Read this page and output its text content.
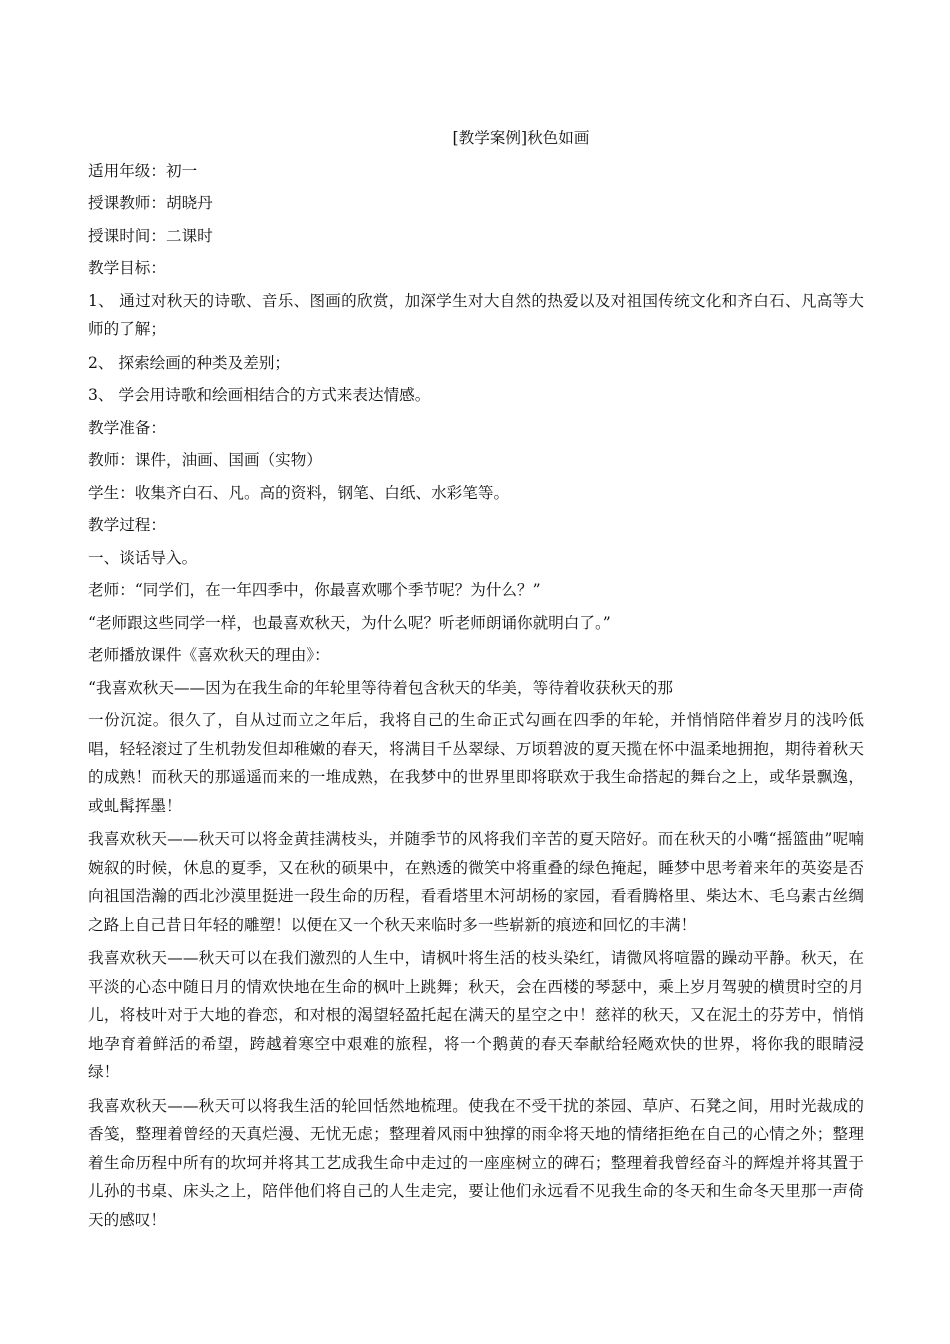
[教学案例]秋色如画

适用年级：初一

授课教师：胡晓丹

授课时间：二课时

教学目标：

1、 通过对秋天的诗歌、音乐、图画的欣赏，加深学生对大自然的热爱以及对祖国传统文化和齐白石、凡高等大师的了解；

2、 探索绘画的种类及差别；

3、 学会用诗歌和绘画相结合的方式来表达情感。

教学准备：

教师：课件，油画、国画（实物）

学生：收集齐白石、凡。高的资料，钢笔、白纸、水彩笔等。

教学过程：

一、谈话导入。

老师：“同学们，在一年四季中，你最喜欢哪个季节呢？为什么？”

“老师跟这些同学一样，也最喜欢秋天，为什么呢？听老师朗诵你就明白了。”

老师播放课件《喜欢秋天的理由》：

“我喜欢秋天——因为在我生命的年轮里等待着包含秋天的华美，等待着收获秋天的那

一份沉淀。很久了，自从过而立之年后，我将自己的生命正式勾画在四季的年轮，并悄悄陪伴着岁月的浅吟低唱，轻轻滚过了生机勃发但却稚嫩的春天，将满目千丛翠绿、万顷碧波的夏天揽在怀中温柔地拥抱，期待着秋天的成熟！而秋天的那遥遥而来的一堆成熟，在我梦中的世界里即将联欢于我生命搭起的舞台之上，或华景飘逸，或虬髯挥墨！

我喜欢秋天——秋天可以将金黄挂满枝头，并随季节的风将我们辛苦的夏天陪好。而在秋天的小嘴“摇篮曲”呢喃婉叙的时候，休息的夏季，又在秋的硕果中，在熟透的微笑中将重叠的绿色掩起，睡梦中思考着来年的英姿是否向祖国浩瀚的西北沙漠里挺进一段生命的历程，看看塔里木河胡杨的家园，看看腾格里、柴达木、毛乌素古丝绸之路上自己昔日年轻的雕塑！以便在又一个秋天来临时多一些崭新的痕迹和回忆的丰满！

我喜欢秋天——秋天可以在我们激烈的人生中，请枫叶将生活的枝头染红，请微风将喧嚣的躁动平静。秋天，在平淡的心态中随日月的情欢快地在生命的枫叶上跳舞；秋天，会在西楼的琴瑟中，乘上岁月驾驶的横贯时空的月儿，将枝叶对于大地的眷恋，和对根的渴望轻盈托起在满天的星空之中！慈祥的秋天，又在泥土的芬芳中，悄悄地孕育着鲜活的希望，跨越着寒空中艰难的旅程，将一个鹅黄的春天奉献给轻飏欢快的世界，将你我的眼睛浸绿！

我喜欢秋天——秋天可以将我生活的轮回恬然地梳理。使我在不受干扰的茶园、草庐、石凳之间，用时光裁成的香笺，整理着曾经的天真烂漫、无忧无虑；整理着风雨中独撑的雨伞将天地的情绪拒绝在自己的心情之外；整理着生命历程中所有的坎坷并将其工艺成我生命中走过的一座座树立的碑石；整理着我曾经奋斗的辉煌并将其置于儿孙的书桌、床头之上，陪伴他们将自己的人生走完，要让他们永远看不见我生命的冬天和生命冬天里那一声倚天的感叹！
